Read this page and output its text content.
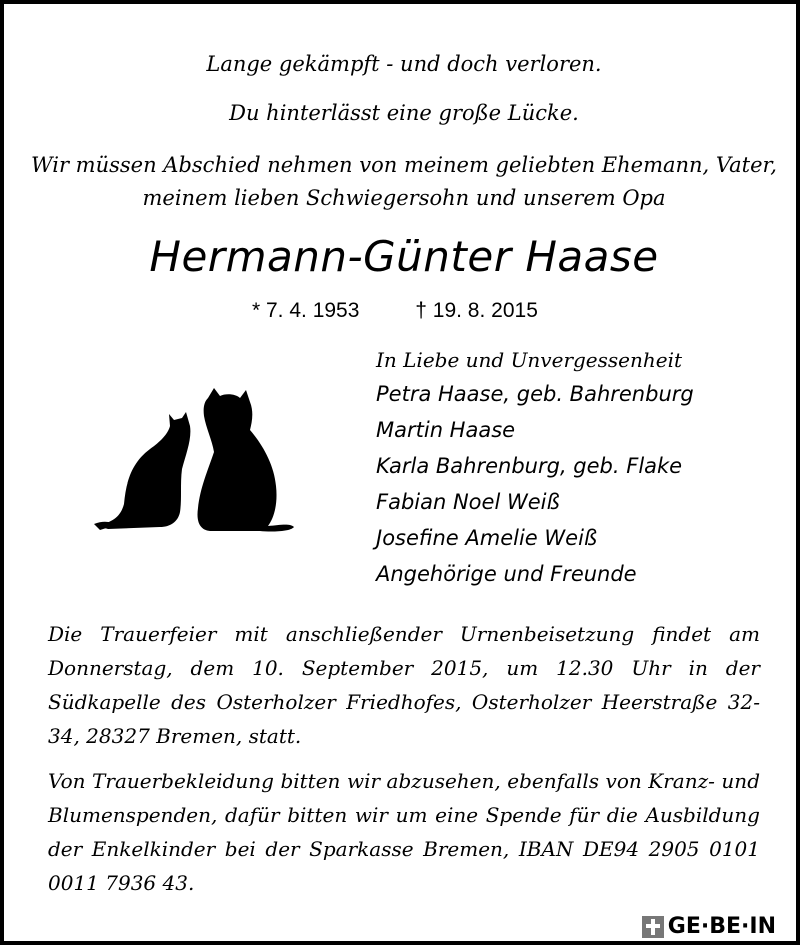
Lange gekämpft - und doch verloren.
Du hinterlässt eine große Lücke.
Wir müssen Abschied nehmen von meinem geliebten Ehemann, Vater,
meinem lieben Schwiegersohn und unserem Opa
Hermann-Günter Haase
* 7. 4. 1953	† 19. 8. 2015
In Liebe und Unvergessenheit
Petra Haase, geb. Bahrenburg
Martin Haase
Karla Bahrenburg, geb. Flake
Fabian Noel Weiß
Josefine Amelie Weiß
Angehörige und Freunde
Die Trauerfeier mit anschließender Urnenbeisetzung findet am Donnerstag, dem 10. September 2015, um 12.30 Uhr in der Südkapelle des Osterholzer Friedhofes, Osterholzer Heerstraße 32-34, 28327 Bremen, statt.
Von Trauerbekleidung bitten wir abzusehen, ebenfalls von Kranz- und Blumenspenden, dafür bitten wir um eine Spende für die Ausbildung der Enkelkinder bei der Sparkasse Bremen, IBAN DE94 2905 0101 0011 7936 43.
GE·BE·IN
